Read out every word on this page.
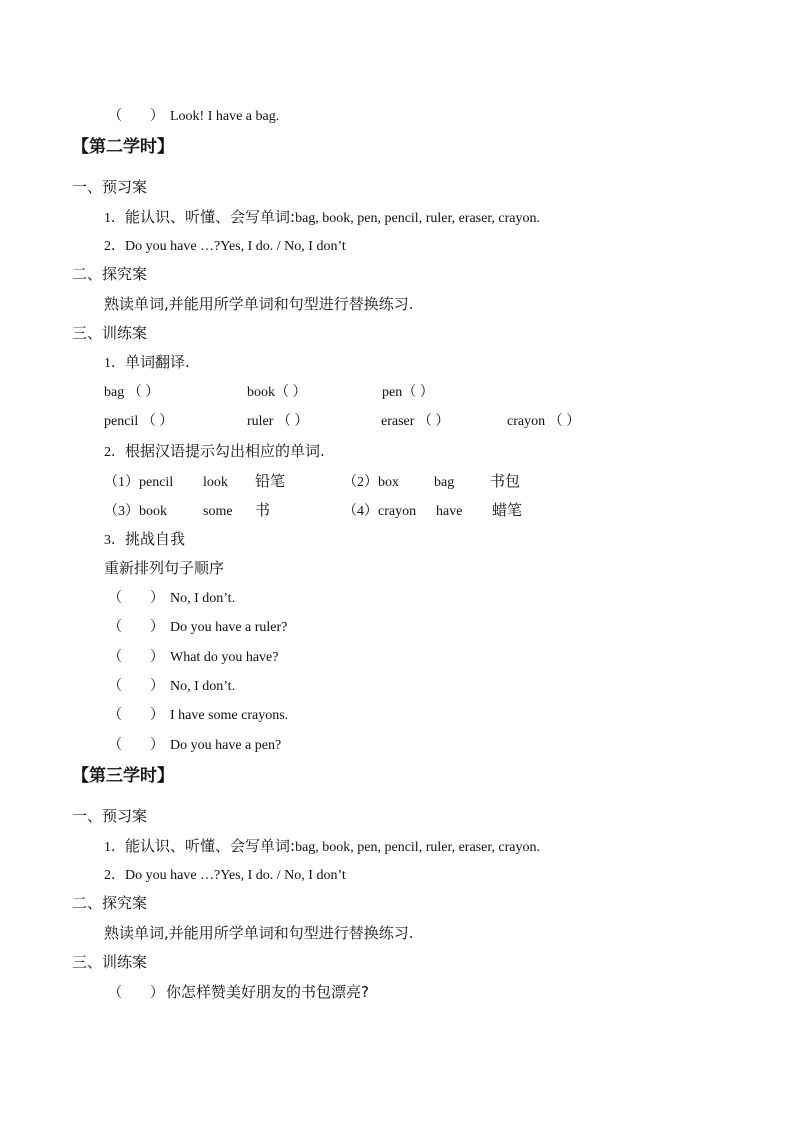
（　　） Look! I have a bag.
【第二学时】
一、预习案
1．能认识、听懂、会写单词:bag, book, pen, pencil, ruler, eraser, crayon.
2．Do you have …?Yes, I do. / No, I don’t
二、探究案
熟读单词,并能用所学单词和句型进行替换练习.
三、训练案
1．单词翻译.
bag （ ）	book（ ）	pen（ ）
pencil （ ）	ruler （ ）	eraser （ ）	crayon （ ）
2．根据汉语提示勾出相应的单词.
（1）pencil look 铅笔	（2）box	bag 书包
（3）book	some 书	（4）crayon have 蜡笔
3．挑战自我
重新排列句子顺序
（　　） No, I don’t.
（　　） Do you have a ruler?
（　　） What do you have?
（　　） No, I don’t.
（　　） I have some crayons.
（　　） Do you have a pen?
【第三学时】
一、预习案
1．能认识、听懂、会写单词:bag, book, pen, pencil, ruler, eraser, crayon.
2．Do you have …?Yes, I do. / No, I don’t
二、探究案
熟读单词,并能用所学单词和句型进行替换练习.
三、训练案
（　　） 你怎样赞美好朋友的书包漂亮?
